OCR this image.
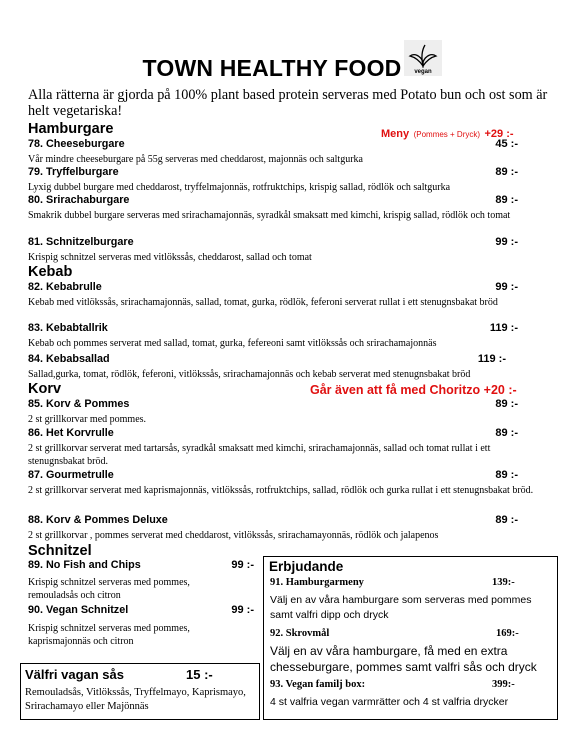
TOWN HEALTHY FOOD	vegan
Alla rätterna är gjorda på 100% plant based protein serveras med Potato bun och ost som är helt vegetariska!
Hamburgare	Meny (Pommes + Dryck) +29 :-
78. Cheeseburgare	45 :-
Vår mindre cheeseburgare på 55g serveras med cheddarost, majonnäs och saltgurka
79. Tryffelburgare	89 :-
Lyxig dubbel burgare med cheddarost, tryffelmajonnäs, rotfruktchips, krispig sallad, rödlök och saltgurka
80. Srirachaburgare	89 :-
Smakrik dubbel burgare serveras med srirachamajonnäs, syradkål smaksatt med kimchi, krispig sallad, rödlök och tomat
81. Schnitzelburgare	99 :-
Krispig schnitzel serveras med vitlökssås, cheddarost, sallad och tomat
Kebab
82. Kebabrulle	99 :-
Kebab med vitlökssås, srirachamajonnäs, sallad, tomat, gurka, rödlök, feferoni serverat rullat i ett stenugnsbakat bröd
83. Kebabtallrik	119 :-
Kebab och pommes serverat med sallad, tomat, gurka, fefereoni samt vitlökssås och srirachamajonnäs
84. Kebabsallad	119 :-
Sallad,gurka, tomat, rödlök, feferoni, vitlökssås, srirachamajonnäs och kebab serverat med stenugnsbakat bröd
Korv	Går även att få med Choritzo +20 :-
85. Korv & Pommes	89 :-
2 st grillkorvar med pommes.
86. Het Korvrulle	89 :-
2 st grillkorvar serverat med tartarsås, syradkål smaksatt med kimchi, srirachamajonnäs, sallad och tomat rullat i ett stenugnsbakat bröd.
87. Gourmetrulle	89 :-
2 st grillkorvar serverat med kaprismajonnäs, vitlökssås, rotfruktchips, sallad, rödlök och gurka rullat i ett stenugnsbakat bröd.
88. Korv & Pommes Deluxe	89 :-
2 st grillkorvar , pommes serverat med cheddarost, vitlökssås, srirachamayonnäs, rödlök och jalapenos
Schnitzel
89. No Fish and Chips	99 :-
Krispig schnitzel serveras med pommes, remouladsås och citron
90. Vegan Schnitzel	99 :-
Krispig schnitzel serveras med pommes, kaprismajonnäs och citron
Välfri vagan sås	15 :-
Remouladsås, Vitlökssås, Tryffelmayo, Kaprismayo, Srirachamayo eller Majönnäs
Erbjudande
91. Hamburgarmeny	139:-
Välj en av våra hamburgare som serveras med pommes samt valfri dipp och dryck
92. Skrovmål	169:-
Välj en av våra hamburgare, få med en extra chesseburgare, pommes samt valfri sås och dryck
93. Vegan familj box:	399:-
4 st valfria vegan varmrätter och 4 st valfria drycker
